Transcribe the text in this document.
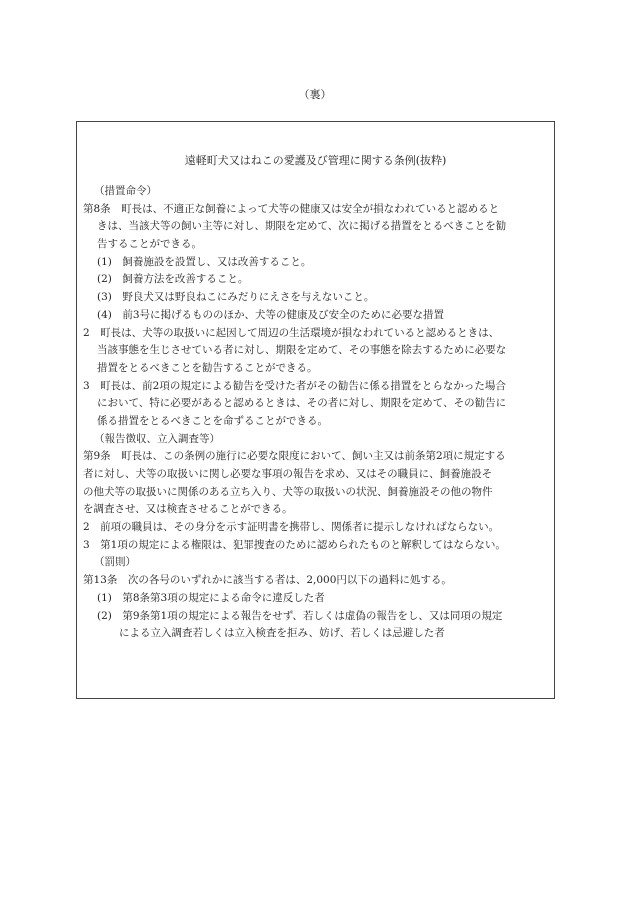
（裏）
遠軽町犬又はねこの愛護及び管理に関する条例(抜粋)
（措置命令）
第8条　町長は、不適正な飼養によって犬等の健康又は安全が損なわれていると認めると
きは、当該犬等の飼い主等に対し、期限を定めて、次に掲げる措置をとるべきことを勧
告することができる。
(1)　飼養施設を設置し、又は改善すること。
(2)　飼養方法を改善すること。
(3)　野良犬又は野良ねこにみだりにえさを与えないこと。
(4)　前3号に掲げるもののほか、犬等の健康及び安全のために必要な措置
2　町長は、犬等の取扱いに起因して周辺の生活環境が損なわれていると認めるときは、
当該事態を生じさせている者に対し、期限を定めて、その事態を除去するために必要な
措置をとるべきことを勧告することができる。
3　町長は、前2項の規定による勧告を受けた者がその勧告に係る措置をとらなかった場合
において、特に必要があると認めるときは、その者に対し、期限を定めて、その勧告に
係る措置をとるべきことを命ずることができる。
（報告徴収、立入調査等）
第9条　町長は、この条例の施行に必要な限度において、飼い主又は前条第2項に規定する
者に対し、犬等の取扱いに関し必要な事項の報告を求め、又はその職員に、飼養施設そ
の他犬等の取扱いに関係のある立ち入り、犬等の取扱いの状況、飼養施設その他の物件
を調査させ、又は検査させることができる。
2　前項の職員は、その身分を示す証明書を携帯し、関係者に提示しなければならない。
3　第1項の規定による権限は、犯罪捜査のために認められたものと解釈してはならない。
（罰則）
第13条　次の各号のいずれかに該当する者は、2,000円以下の過料に処する。
(1)　第8条第3項の規定による命令に違反した者
(2)　第9条第1項の規定による報告をせず、若しくは虚偽の報告をし、又は同項の規定
による立入調査若しくは立入検査を拒み、妨げ、若しくは忌避した者
